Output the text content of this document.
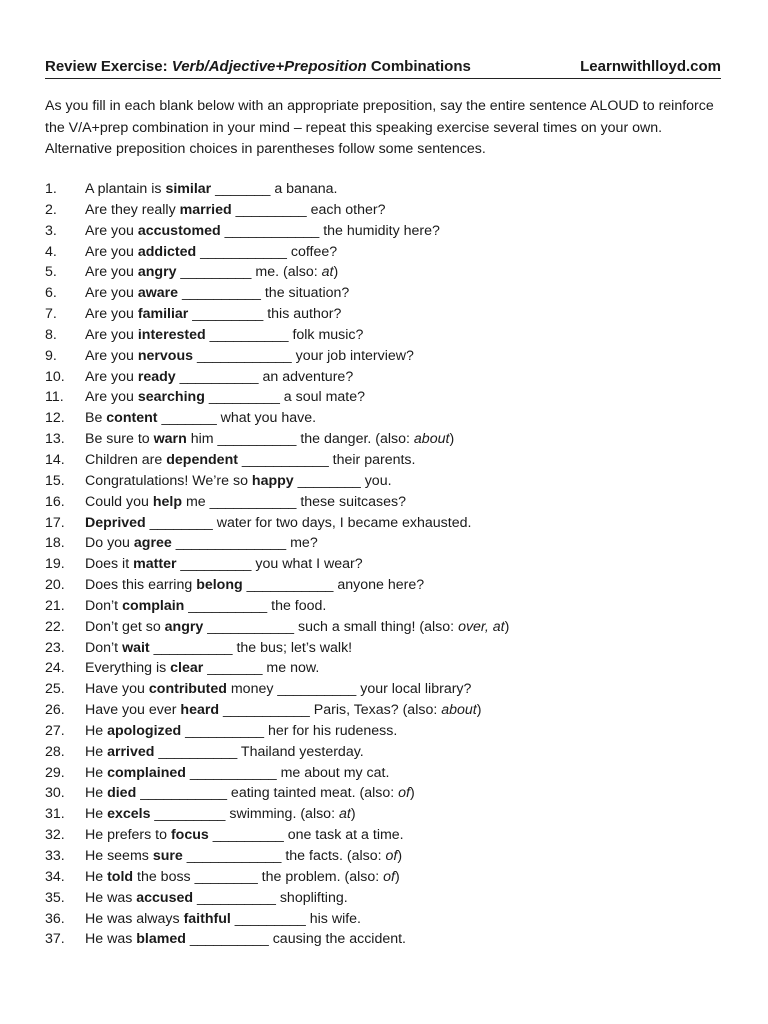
Review Exercise: Verb/Adjective+Preposition Combinations	Learnwithlloyd.com
As you fill in each blank below with an appropriate preposition, say the entire sentence ALOUD to reinforce the V/A+prep combination in your mind – repeat this speaking exercise several times on your own. Alternative preposition choices in parentheses follow some sentences.
1. A plantain is similar _______ a banana.
2. Are they really married _________ each other?
3. Are you accustomed ____________ the humidity here?
4. Are you addicted ___________ coffee?
5. Are you angry _________ me. (also: at)
6. Are you aware __________ the situation?
7. Are you familiar _________ this author?
8. Are you interested __________ folk music?
9. Are you nervous ____________ your job interview?
10. Are you ready __________ an adventure?
11. Are you searching _________ a soul mate?
12. Be content _______ what you have.
13. Be sure to warn him __________ the danger. (also: about)
14. Children are dependent ___________ their parents.
15. Congratulations! We’re so happy ________ you.
16. Could you help me ___________ these suitcases?
17. Deprived ________ water for two days, I became exhausted.
18. Do you agree ______________ me?
19. Does it matter _________ you what I wear?
20. Does this earring belong ___________ anyone here?
21. Don’t complain __________ the food.
22. Don’t get so angry ___________ such a small thing! (also: over, at)
23. Don’t wait __________ the bus; let’s walk!
24. Everything is clear _______ me now.
25. Have you contributed money __________ your local library?
26. Have you ever heard ___________ Paris, Texas? (also: about)
27. He apologized __________ her for his rudeness.
28. He arrived __________ Thailand yesterday.
29. He complained ___________ me about my cat.
30. He died ___________ eating tainted meat. (also: of)
31. He excels _________ swimming. (also: at)
32. He prefers to focus _________ one task at a time.
33. He seems sure ____________ the facts. (also: of)
34. He told the boss ________ the problem. (also: of)
35. He was accused __________ shoplifting.
36. He was always faithful _________ his wife.
37. He was blamed __________ causing the accident.
